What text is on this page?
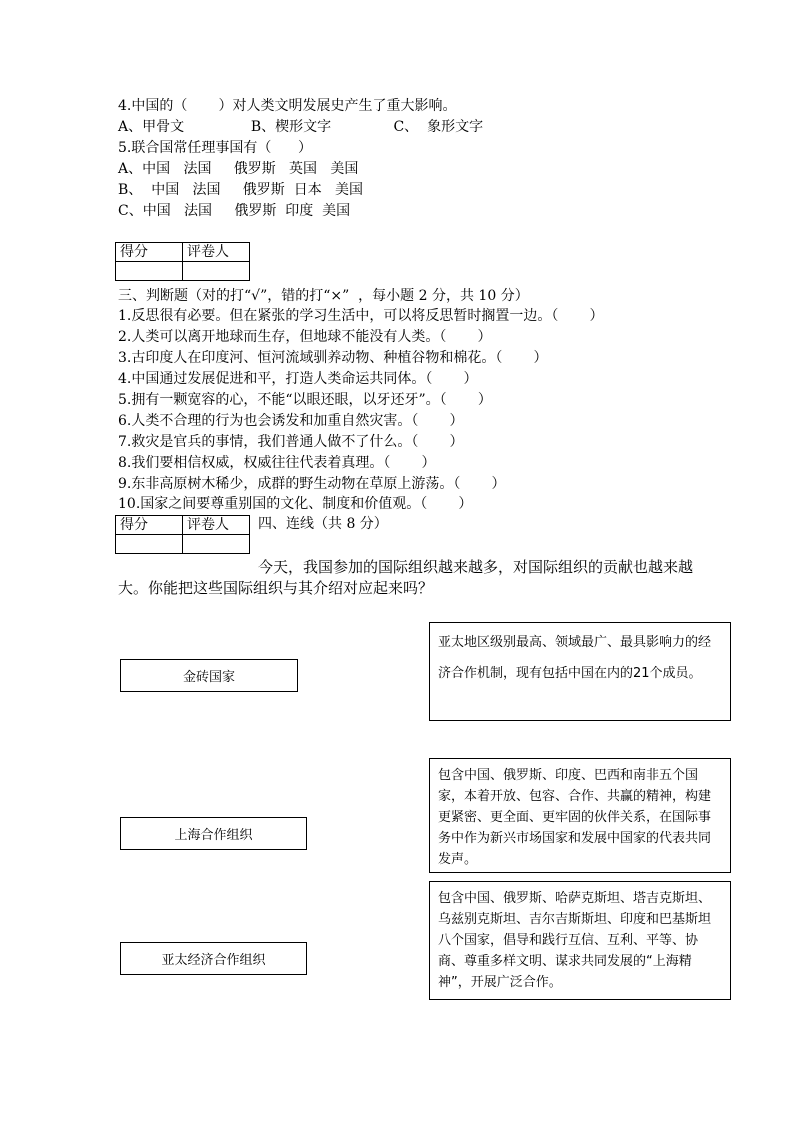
4.中国的（       ）对人类文明发展史产生了重大影响。
A、甲骨文               B、楔形文字              C、  象形文字
5.联合国常任理事国有（      ）
A、中国   法国     俄罗斯   英国   美国
B、  中国   法国     俄罗斯  日本   美国
C、中国   法国     俄罗斯  印度  美国
得分	评卷人

三、判断题（对的打“√”，错的打“×”  ，每小题 2 分，共 10 分）
1.反思很有必要。但在紧张的学习生活中，可以将反思暂时搁置一边。（       ）
2.人类可以离开地球而生存，但地球不能没有人类。（       ）
3.古印度人在印度河、恒河流域驯养动物、种植谷物和棉花。（       ）
4.中国通过发展促进和平，打造人类命运共同体。（       ）
5.拥有一颗宽容的心，不能“以眼还眼，以牙还牙”。（       ）
6.人类不合理的行为也会诱发和加重自然灾害。（       ）
7.救灾是官兵的事情，我们普通人做不了什么。（       ）
8.我们要相信权威，权威往往代表着真理。（       ）
9.东非高原树木稀少，成群的野生动物在草原上游荡。（       ）
10.国家之间要尊重别国的文化、制度和价值观。（       ）
得分	评卷人
	四、连线（共 8 分）
今天，我国参加的国际组织越来越多，对国际组织的贡献也越来越
大。你能把这些国际组织与其介绍对应起来吗？
金砖国家
上海合作组织
亚太经济合作组织
亚太地区级别最高、领域最广、最具影响力的经济合作机制，现有包括中国在内的21个成员。
包含中国、俄罗斯、印度、巴西和南非五个国家，本着开放、包容、合作、共赢的精神，构建更紧密、更全面、更牢固的伙伴关系，在国际事务中作为新兴市场国家和发展中国家的代表共同发声。
包含中国、俄罗斯、哈萨克斯坦、塔吉克斯坦、乌兹别克斯坦、吉尔吉斯斯坦、印度和巴基斯坦八个国家，倡导和践行互信、互利、平等、协商、尊重多样文明、谋求共同发展的“上海精神”，开展广泛合作。
